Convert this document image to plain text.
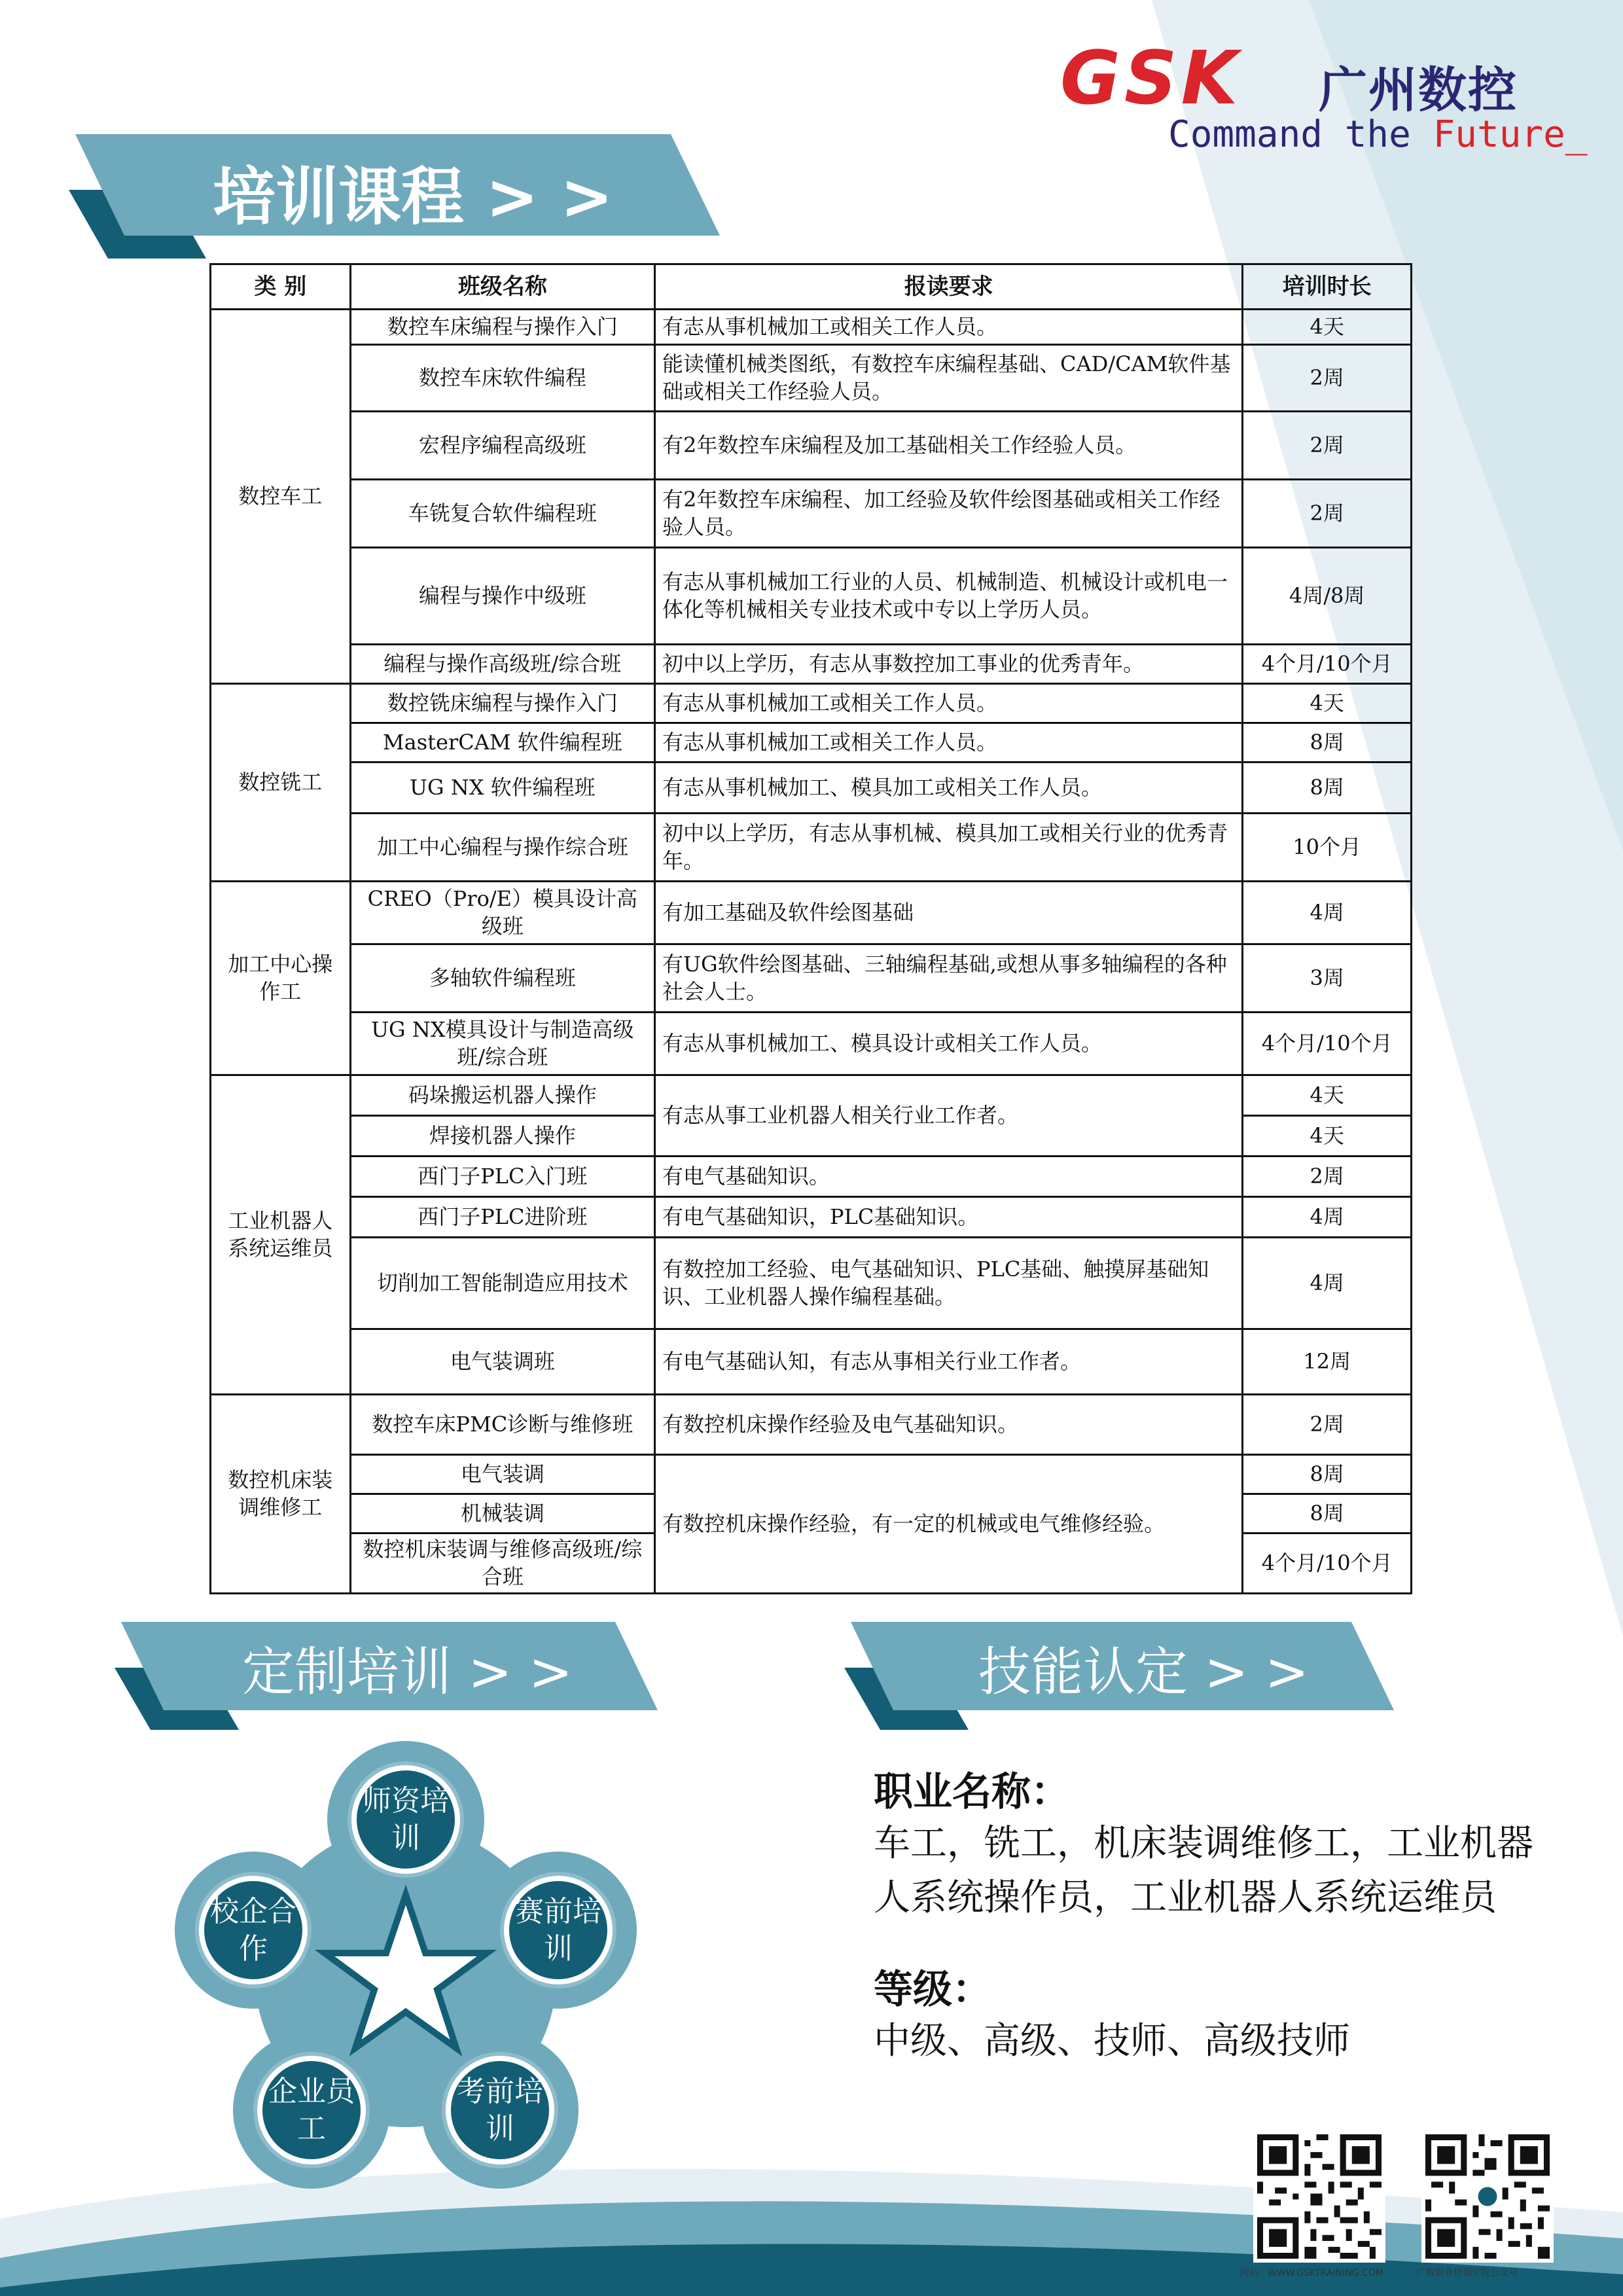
GSK 广州数控
Command the Future_
培训课程 > >
类 别	班级名称	报读要求	培训时长
数控车工	数控车床编程与操作入门	有志从事机械加工或相关工作人员。	4天
	数控车床软件编程	能读懂机械类图纸，有数控车床编程基础、CAD/CAM软件基础或相关工作经验人员。	2周
	宏程序编程高级班	有2年数控车床编程及加工基础相关工作经验人员。	2周
	车铣复合软件编程班	有2年数控车床编程、加工经验及软件绘图基础或相关工作经验人员。	2周
	编程与操作中级班	有志从事机械加工行业的人员、机械制造、机械设计或机电一体化等机械相关专业技术或中专以上学历人员。	4周/8周
	编程与操作高级班/综合班	初中以上学历，有志从事数控加工事业的优秀青年。	4个月/10个月
数控铣工	数控铣床编程与操作入门	有志从事机械加工或相关工作人员。	4天
	MasterCAM 软件编程班	有志从事机械加工或相关工作人员。	8周
	UG NX 软件编程班	有志从事机械加工、模具加工或相关工作人员。	8周
	加工中心编程与操作综合班	初中以上学历，有志从事机械、模具加工或相关行业的优秀青年。	10个月
加工中心操作工	CREO（Pro/E）模具设计高级班	有加工基础及软件绘图基础	4周
	多轴软件编程班	有UG软件绘图基础、三轴编程基础,或想从事多轴编程的各种社会人士。	3周
	UG NX模具设计与制造高级班/综合班	有志从事机械加工、模具设计或相关工作人员。	4个月/10个月
工业机器人系统运维员	码垛搬运机器人操作	有志从事工业机器人相关行业工作者。	4天
	焊接机器人操作		4天
	西门子PLC入门班	有电气基础知识。	2周
	西门子PLC进阶班	有电气基础知识，PLC基础知识。	4周
	切削加工智能制造应用技术	有数控加工经验、电气基础知识、PLC基础、触摸屏基础知识、工业机器人操作编程基础。	4周
	电气装调班	有电气基础认知，有志从事相关行业工作者。	12周
数控机床装调维修工	数控车床PMC诊断与维修班	有数控机床操作经验及电气基础知识。	2周
	电气装调	有数控机床操作经验，有一定的机械或电气维修经验。	8周
	机械装调		8周
	数控机床装调与维修高级班/综合班		4个月/10个月
定制培训 > >	技能认定 > >
师资培训
赛前培训
考前培训
企业员工
校企合作

职业名称：

车工，铣工，机床装调维修工，工业机器人系统操作员，工业机器人系统运维员

等级：

中级、高级、技师、高级技师

网站：WWW.GSKTRAINING.COM	广数职业培训学院公众号
